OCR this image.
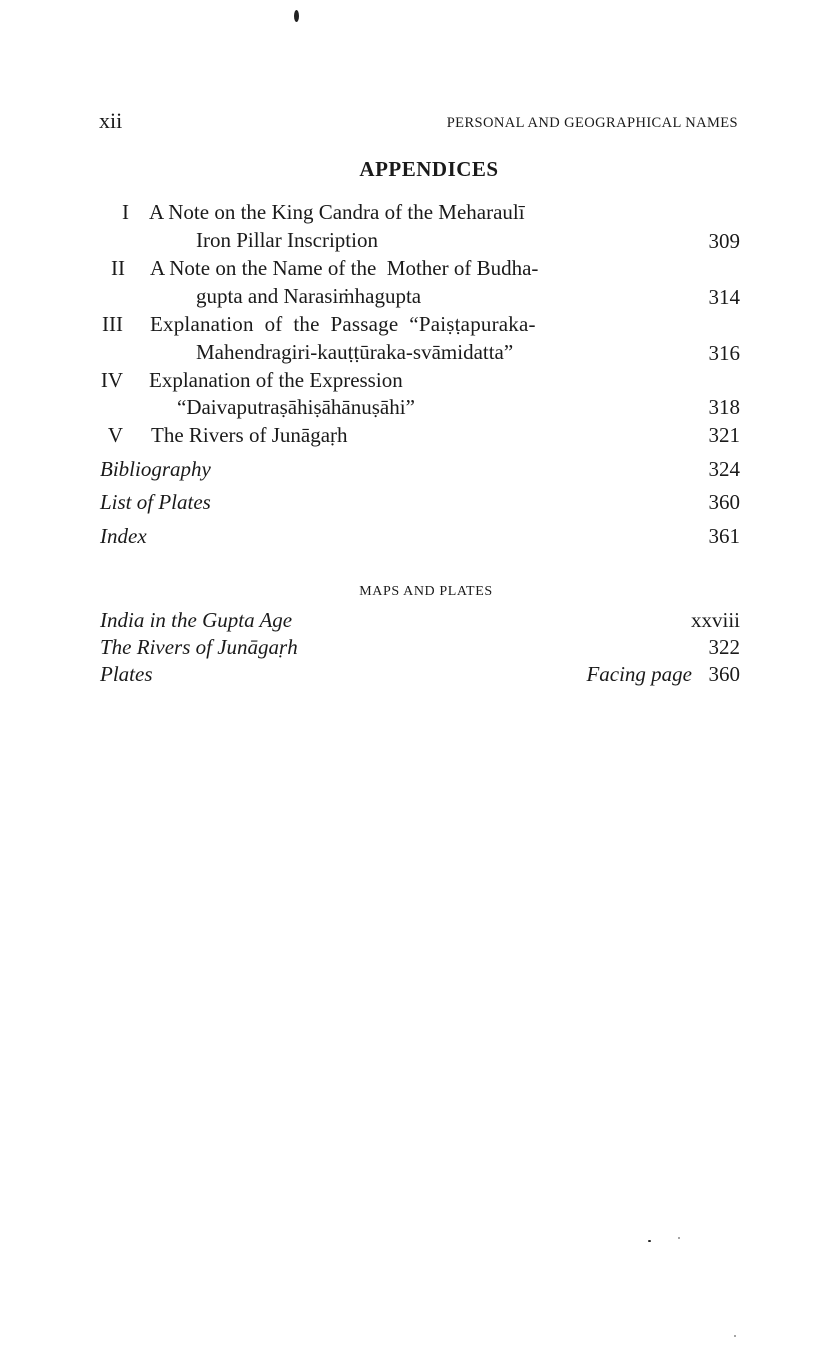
xii	PERSONAL AND GEOGRAPHICAL NAMES
APPENDICES
I A Note on the King Candra of the Meharaulī
Iron Pillar Inscription	309
II A Note on the Name of the  Mother of Budha-
gupta and Narasiṁhagupta	314
III Explanation  of  the  Passage  “Paiṣṭapuraka-
Mahendragiri-kauṭṭūraka-svāmidatta”	316
IV Explanation of the Expression
“Daivaputraṣāhiṣāhānuṣāhi”	318
V The Rivers of Junāgaṛh	321
Bibliography	324
List of Plates	360
Index	361
MAPS AND PLATES
India in the Gupta Age	xxviii
The Rivers of Junāgaṛh	322
Plates	Facing page 360
